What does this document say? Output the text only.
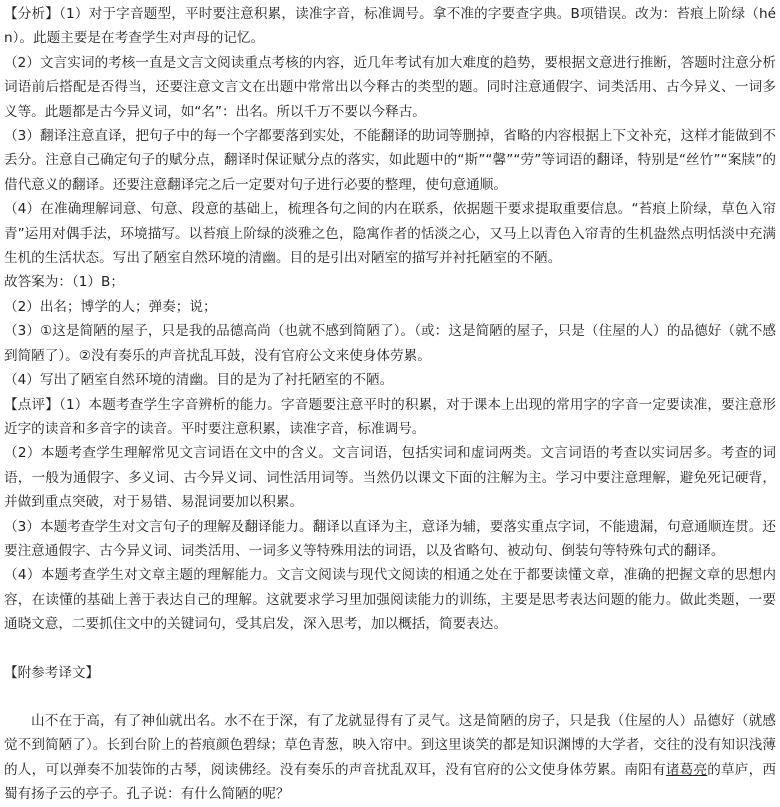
【分析】（1）对于字音题型，平时要注意积累，读准字音，标准调号。拿不准的字要查字典。B项错误。改为：苔痕上阶绿（hén）。此题主要是在考查学生对声母的记忆。

（2）文言实词的考核一直是文言文阅读重点考核的内容，近几年考试有加大难度的趋势，要根据文意进行推断，答题时注意分析词语前后搭配是否得当，还要注意文言文在出题中常常出以今释古的类型的题。同时注意通假字、词类活用、古今异义、一词多义等。此题都是古今异义词，如“名”：出名。所以千万不要以今释古。

（3）翻译注意直译，把句子中的每一个字都要落到实处，不能翻译的助词等删掉，省略的内容根据上下文补充，这样才能做到不丢分。注意自己确定句子的赋分点，翻译时保证赋分点的落实，如此题中的“斯”“馨”“劳”等词语的翻译，特别是“丝竹”“案牍”的借代意义的翻译。还要注意翻译完之后一定要对句子进行必要的整理，使句意通顺。

（4）在准确理解词意、句意、段意的基础上，梳理各句之间的内在联系，依据题干要求提取重要信息。“苔痕上阶绿，草色入帘青”运用对偶手法，环境描写。以苔痕上阶绿的淡雅之色，隐寓作者的恬淡之心，又马上以青色入帘青的生机盎然点明恬淡中充满生机的生活状态。写出了陋室自然环境的清幽。目的是引出对陋室的描写并衬托陋室的不陋。

故答案为：（1）B；

（2）出名；博学的人；弹奏；说；

（3）①这是简陋的屋子，只是我的品德高尚（也就不感到简陋了）。（或：这是简陋的屋子，只是（住屋的人）的品德好（就不感到简陋了）。②没有奏乐的声音扰乱耳鼓，没有官府公文来使身体劳累。

（4）写出了陋室自然环境的清幽。目的是为了衬托陋室的不陋。

【点评】（1）本题考查学生字音辨析的能力。字音题要注意平时的积累，对于课本上出现的常用字的字音一定要读准，要注意形近字的读音和多音字的读音。平时要注意积累，读准字音，标准调号。

（2）本题考查学生理解常见文言词语在文中的含义。文言词语，包括实词和虚词两类。文言词语的考查以实词居多。考查的词语，一般为通假字、多义词、古今异义词、词性活用词等。当然仍以课文下面的注解为主。学习中要注意理解，避免死记硬背，并做到重点突破，对于易错、易混词要加以积累。

（3）本题考查学生对文言句子的理解及翻译能力。翻译以直译为主，意译为辅，要落实重点字词，不能遗漏，句意通顺连贯。还要注意通假字、古今异义词、词类活用、一词多义等特殊用法的词语，以及省略句、被动句、倒装句等特殊句式的翻译。

（4）本题考查学生对文章主题的理解能力。文言文阅读与现代文阅读的相通之处在于都要读懂文章，准确的把握文章的思想内容，在读懂的基础上善于表达自己的理解。这就要求学习里加强阅读能力的训练，主要是思考表达问题的能力。做此类题，一要通晓文意，二要抓住文中的关键词句，受其启发，深入思考，加以概括，简要表达。

【附参考译文】

山不在于高，有了神仙就出名。水不在于深，有了龙就显得有了灵气。这是简陋的房子，只是我（住屋的人）品德好（就感觉不到简陋了）。长到台阶上的苔痕颜色碧绿；草色青葱，映入帘中。到这里谈笑的都是知识渊博的大学者，交往的没有知识浅薄的人，可以弹奏不加装饰的古琴，阅读佛经。没有奏乐的声音扰乱双耳，没有官府的公文使身体劳累。南阳有诸葛亮的草庐，西蜀有扬子云的亭子。孔子说：有什么简陋的呢？
